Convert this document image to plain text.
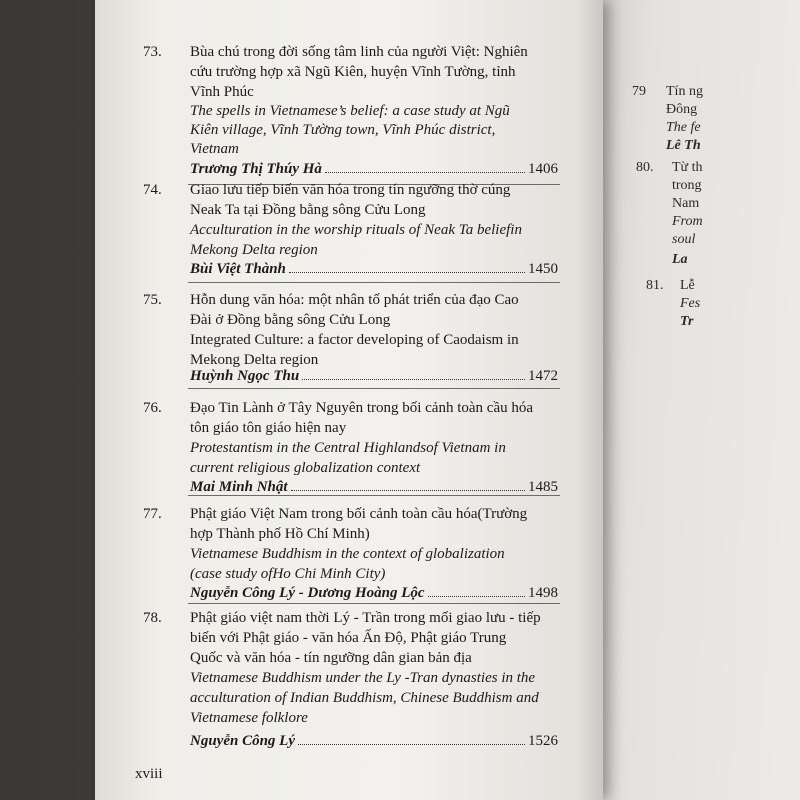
79 Tín ng
Đông
The fe
Lê Th
80. Từ th
trong
Nam
From
soul
La
81. Lễ
Fes
Tr
73. Bùa chú trong đời sống tâm linh của người Việt: Nghiên
cứu trường hợp xã Ngũ Kiên, huyện Vĩnh Tường, tỉnh
Vĩnh Phúc
The spells in Vietnamese’s belief: a case study at Ngũ
Kiên village, Vĩnh Tường town, Vĩnh Phúc district,
Vietnam
Trương Thị Thúy Hà	1406
74. Giao lưu tiếp biến văn hóa trong tín ngưỡng thờ cúng
Neak Ta tại Đồng bằng sông Cửu Long
Acculturation in the worship rituals of Neak Ta beliefin
Mekong Delta region
Bùi Việt Thành	1450
75. Hỗn dung văn hóa: một nhân tố phát triển của đạo Cao
Đài ở Đồng bằng sông Cửu Long
Integrated Culture: a factor developing of Caodaism in
Mekong Delta region
Huỳnh Ngọc Thu	1472
76. Đạo Tin Lành ở Tây Nguyên trong bối cảnh toàn cầu hóa
tôn giáo tôn giáo hiện nay
Protestantism in the Central Highlandsof Vietnam in
current religious globalization context
Mai Minh Nhật	1485
77. Phật giáo Việt Nam trong bối cảnh toàn cầu hóa(Trường
hợp Thành phố Hồ Chí Minh)
Vietnamese Buddhism in the context of globalization
(case study ofHo Chi Minh City)
Nguyễn Công Lý - Dương Hoàng Lộc	1498
78. Phật giáo việt nam thời Lý - Trần trong mối giao lưu - tiếp
biến với Phật giáo - văn hóa Ấn Độ, Phật giáo Trung
Quốc và văn hóa - tín ngưỡng dân gian bản địa
Vietnamese Buddhism under the Ly -Tran dynasties in the
acculturation of Indian Buddhism, Chinese Buddhism and
Vietnamese folklore
Nguyễn Công Lý	1526
xviii
